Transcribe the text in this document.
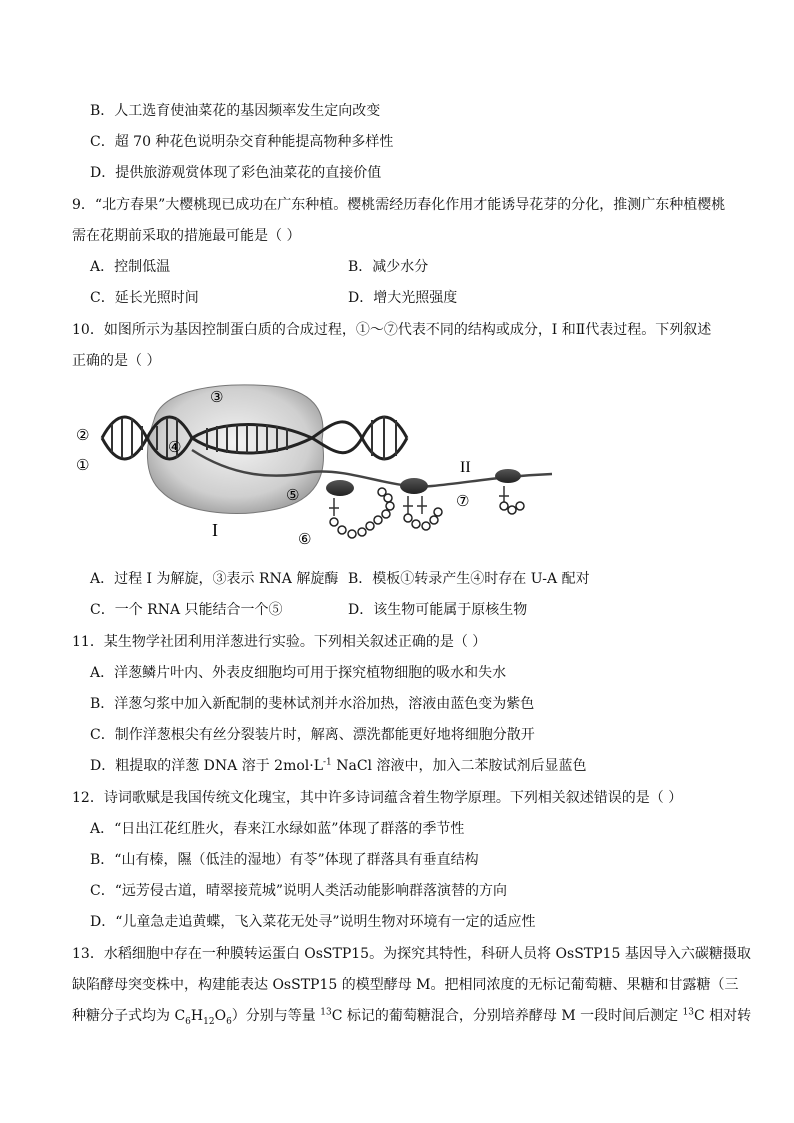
B．人工选育使油菜花的基因频率发生定向改变
C．超 70 种花色说明杂交育种能提高物种多样性
D．提供旅游观赏体现了彩色油菜花的直接价值
9．“北方春果”大樱桃现已成功在广东种植。樱桃需经历春化作用才能诱导花芽的分化，推测广东种植樱桃
需在花期前采取的措施最可能是（ ）
A．控制低温	B．减少水分
C．延长光照时间	D．增大光照强度
10．如图所示为基因控制蛋白质的合成过程，①～⑦代表不同的结构或成分，I 和Ⅱ代表过程。下列叙述
正确的是（ ）
③
②
①
④
⑤
⑥
⑦
I
II
A．过程 I 为解旋，③表示 RNA 解旋酶 B．模板①转录产生④时存在 U-A 配对
C．一个 RNA 只能结合一个⑤	D．该生物可能属于原核生物
11．某生物学社团利用洋葱进行实验。下列相关叙述正确的是（ ）
A．洋葱鳞片叶内、外表皮细胞均可用于探究植物细胞的吸水和失水
B．洋葱匀浆中加入新配制的斐林试剂并水浴加热，溶液由蓝色变为紫色
C．制作洋葱根尖有丝分裂装片时，解离、漂洗都能更好地将细胞分散开
D．粗提取的洋葱 DNA 溶于 $2mol\cdot L^{-1}$ NaCl 溶液中，加入二苯胺试剂后显蓝色
12．诗词歌赋是我国传统文化瑰宝，其中许多诗词蕴含着生物学原理。下列相关叙述错误的是（ ）
A．“日出江花红胜火，春来江水绿如蓝”体现了群落的季节性
B．“山有榛，隰（低洼的湿地）有苓”体现了群落具有垂直结构
C．“远芳侵古道，晴翠接荒城”说明人类活动能影响群落演替的方向
D．“儿童急走追黄蝶，飞入菜花无处寻”说明生物对环境有一定的适应性
13．水稻细胞中存在一种膜转运蛋白 OsSTP15。为探究其特性，科研人员将 OsSTP15 基因导入六碳糖摄取
缺陷酵母突变株中，构建能表达 OsSTP15 的模型酵母 M。把相同浓度的无标记葡萄糖、果糖和甘露糖（三
种糖分子式均为 $C_6H_{12}O_6$）分别与等量 $^{13}$C 标记的葡萄糖混合，分别培养酵母 M 一段时间后测定 $^{13}$C 相对转
